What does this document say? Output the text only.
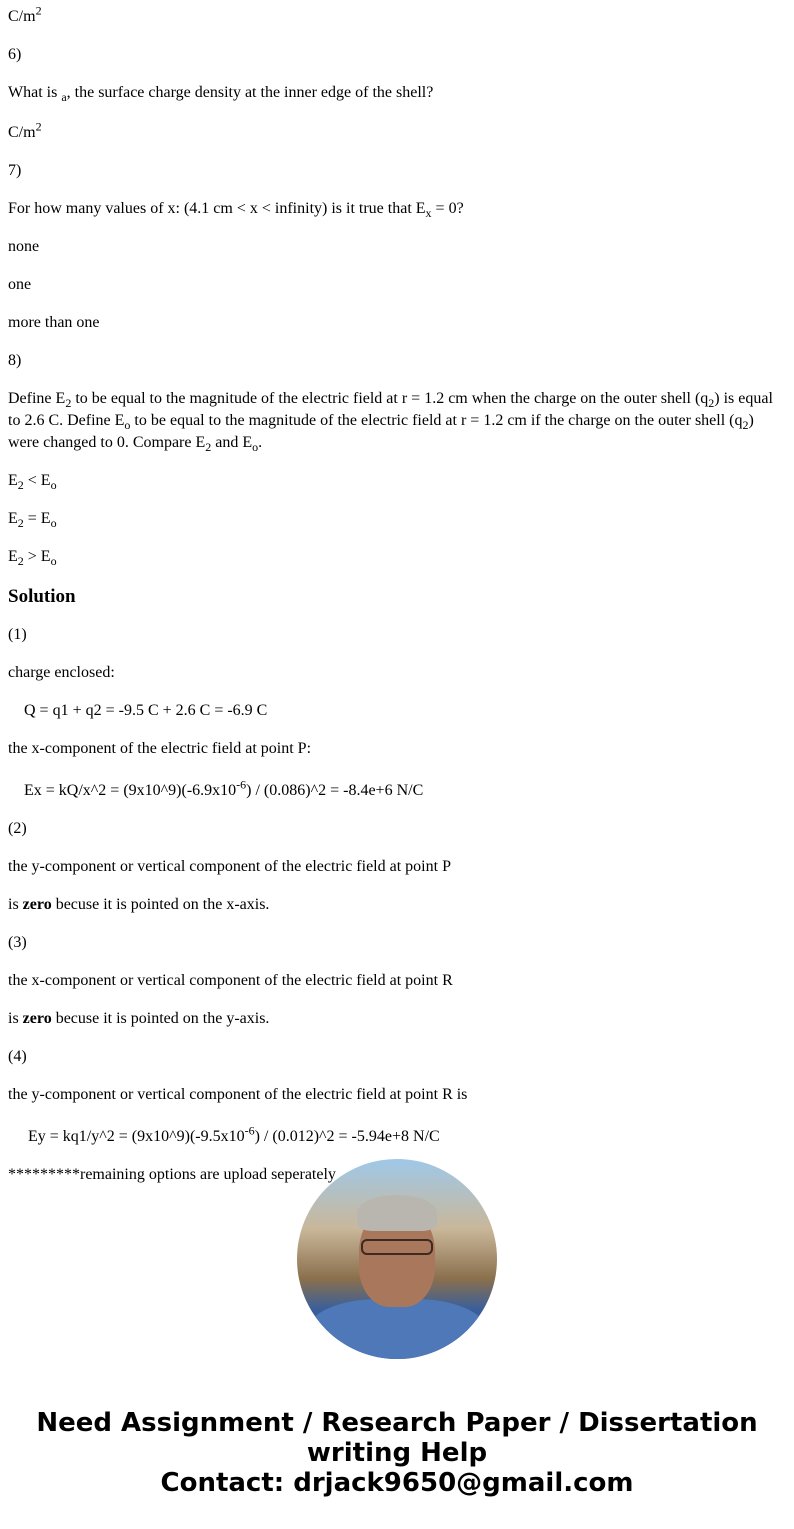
$C/m^2$

6)

What is $_a$, the surface charge density at the inner edge of the shell?

$C/m^2$

7)

For how many values of x: (4.1 cm < x < infinity) is it true that $E_x = 0$?

none

one

more than one

8)

Define $E_2$ to be equal to the magnitude of the electric field at r = 1.2 cm when the charge on the outer shell $(q_2)$ is equal to 2.6 C. Define $E_o$ to be equal to the magnitude of the electric field at r = 1.2 cm if the charge on the outer shell $(q_2)$ were changed to 0. Compare $E_2$ and $E_o$.

$E_2 < E_o$

$E_2 = E_o$

$E_2 > E_o$

Solution

(1)

charge enclosed:

Q = q1 + q2 = -9.5 C + 2.6 C = -6.9 C

the x-component of the electric field at point P:

Ex = kQ/x^2 = $(9x10\^{}9)(-6.9x10^{-6})$ / (0.086)^2 = -8.4e+6 N/C

(2)

the y-component or vertical component of the electric field at point P

is zero becuse it is pointed on the x-axis.

(3)

the x-component or vertical component of the electric field at point R

is zero becuse it is pointed on the y-axis.

(4)

the y-component or vertical component of the electric field at point R is

Ey = kq1/y^2 = $(9x10\^{}9)(-9.5x10^{-6})$ / (0.012)^2 = -5.94e+8 N/C

*********remaining options are upload seperately

Need Assignment / Research Paper / Dissertation writing Help
Contact: drjack9650@gmail.com
